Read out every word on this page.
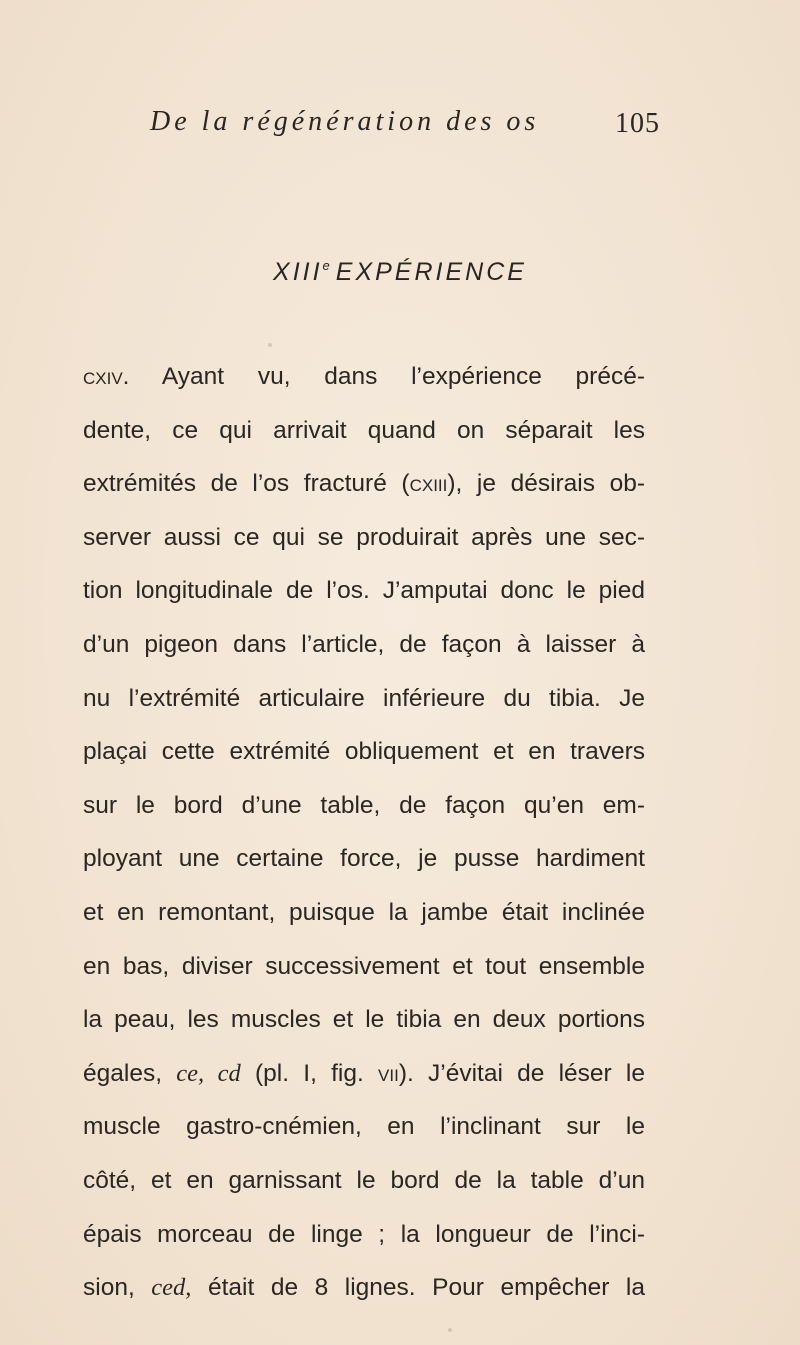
De la régénération des os	105
XIIIe EXPÉRIENCE
cxiv. Ayant vu, dans l’expérience précé-
dente, ce qui arrivait quand on séparait les
extrémités de l’os fracturé (cxiii), je désirais ob-
server aussi ce qui se produirait après une sec-
tion longitudinale de l’os. J’amputai donc le pied
d’un pigeon dans l’article, de façon à laisser à
nu l’extrémité articulaire inférieure du tibia. Je
plaçai cette extrémité obliquement et en travers
sur le bord d’une table, de façon qu’en em-
ployant une certaine force, je pusse hardiment
et en remontant, puisque la jambe était inclinée
en bas, diviser successivement et tout ensemble
la peau, les muscles et le tibia en deux portions
égales, ce, cd (pl. I, fig. vii). J’évitai de léser le
muscle gastro-cnémien, en l’inclinant sur le
côté, et en garnissant le bord de la table d’un
épais morceau de linge ; la longueur de l’inci-
sion, ced, était de 8 lignes. Pour empêcher la
